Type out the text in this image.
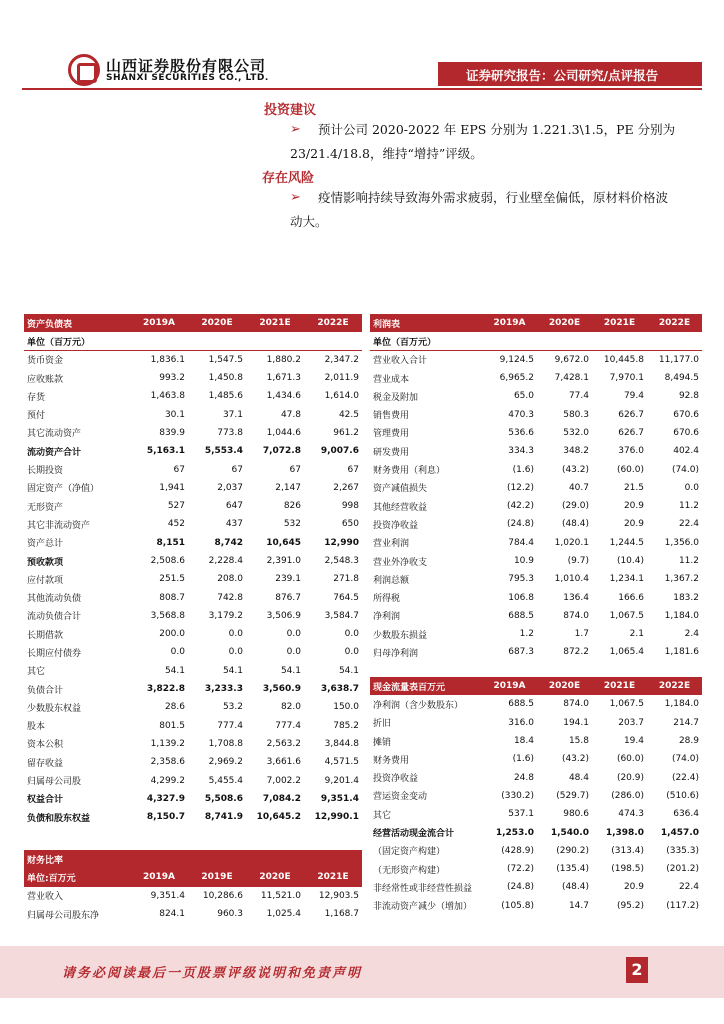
山西证券股份有限公司
SHANXI SECURITIES CO., LTD.	证券研究报告：公司研究/点评报告
投资建议
➢ 预计公司 2020-2022 年 EPS 分别为 1.221.3\1.5，PE 分别为
23/21.4/18.8，维持“增持”评级。
存在风险
➢ 疫情影响持续导致海外需求疲弱，行业壁垒偏低，原材料价格波
动大。
资产负债表	2019A	2020E	2021E	2022E
单位（百万元）				
货币资金	1,836.1	1,547.5	1,880.2	2,347.2
应收账款	993.2	1,450.8	1,671.3	2,011.9
存货	1,463.8	1,485.6	1,434.6	1,614.0
预付	30.1	37.1	47.8	42.5
其它流动资产	839.9	773.8	1,044.6	961.2
流动资产合计	5,163.1	5,553.4	7,072.8	9,007.6
长期投资	67	67	67	67
固定资产（净值）	1,941	2,037	2,147	2,267
无形资产	527	647	826	998
其它非流动资产	452	437	532	650
资产总计	8,151	8,742	10,645	12,990
预收款项	2,508.6	2,228.4	2,391.0	2,548.3
应付款项	251.5	208.0	239.1	271.8
其他流动负债	808.7	742.8	876.7	764.5
流动负债合计	3,568.8	3,179.2	3,506.9	3,584.7
长期借款	200.0	0.0	0.0	0.0
长期应付债券	0.0	0.0	0.0	0.0
其它	54.1	54.1	54.1	54.1
负债合计	3,822.8	3,233.3	3,560.9	3,638.7
少数股东权益	28.6	53.2	82.0	150.0
股本	801.5	777.4	777.4	785.2
资本公积	1,139.2	1,708.8	2,563.2	3,844.8
留存收益	2,358.6	2,969.2	3,661.6	4,571.5
归属母公司股	4,299.2	5,455.4	7,002.2	9,201.4
权益合计	4,327.9	5,508.6	7,084.2	9,351.4
负债和股东权益	8,150.7	8,741.9	10,645.2	12,990.1
财务比率				
单位:百万元	2019A	2019E	2020E	2021E
营业收入	9,351.4	10,286.6	11,521.0	12,903.5
归属母公司股东净	824.1	960.3	1,025.4	1,168.7
利润表	2019A	2020E	2021E	2022E
单位（百万元）				
营业收入合计	9,124.5	9,672.0	10,445.8	11,177.0
营业成本	6,965.2	7,428.1	7,970.1	8,494.5
税金及附加	65.0	77.4	79.4	92.8
销售费用	470.3	580.3	626.7	670.6
管理费用	536.6	532.0	626.7	670.6
研发费用	334.3	348.2	376.0	402.4
财务费用（利息）	(1.6)	(43.2)	(60.0)	(74.0)
资产减值损失	(12.2)	40.7	21.5	0.0
其他经营收益	(42.2)	(29.0)	20.9	11.2
投资净收益	(24.8)	(48.4)	20.9	22.4
营业利润	784.4	1,020.1	1,244.5	1,356.0
营业外净收支	10.9	(9.7)	(10.4)	11.2
利润总额	795.3	1,010.4	1,234.1	1,367.2
所得税	106.8	136.4	166.6	183.2
净利润	688.5	874.0	1,067.5	1,184.0
少数股东损益	1.2	1.7	2.1	2.4
归母净利润	687.3	872.2	1,065.4	1,181.6
现金流量表百万元	2019A	2020E	2021E	2022E
净利润（含少数股东）	688.5	874.0	1,067.5	1,184.0
折旧	316.0	194.1	203.7	214.7
摊销	18.4	15.8	19.4	28.9
财务费用	(1.6)	(43.2)	(60.0)	(74.0)
投资净收益	24.8	48.4	(20.9)	(22.4)
营运资金变动	(330.2)	(529.7)	(286.0)	(510.6)
其它	537.1	980.6	474.3	636.4
经营活动现金流合计	1,253.0	1,540.0	1,398.0	1,457.0
（固定资产构建）	(428.9)	(290.2)	(313.4)	(335.3)
（无形资产构建）	(72.2)	(135.4)	(198.5)	(201.2)
非经常性或非经营性损益	(24.8)	(48.4)	20.9	22.4
非流动资产减少（增加）	(105.8)	14.7	(95.2)	(117.2)
请务必阅读最后一页股票评级说明和免责声明	2
